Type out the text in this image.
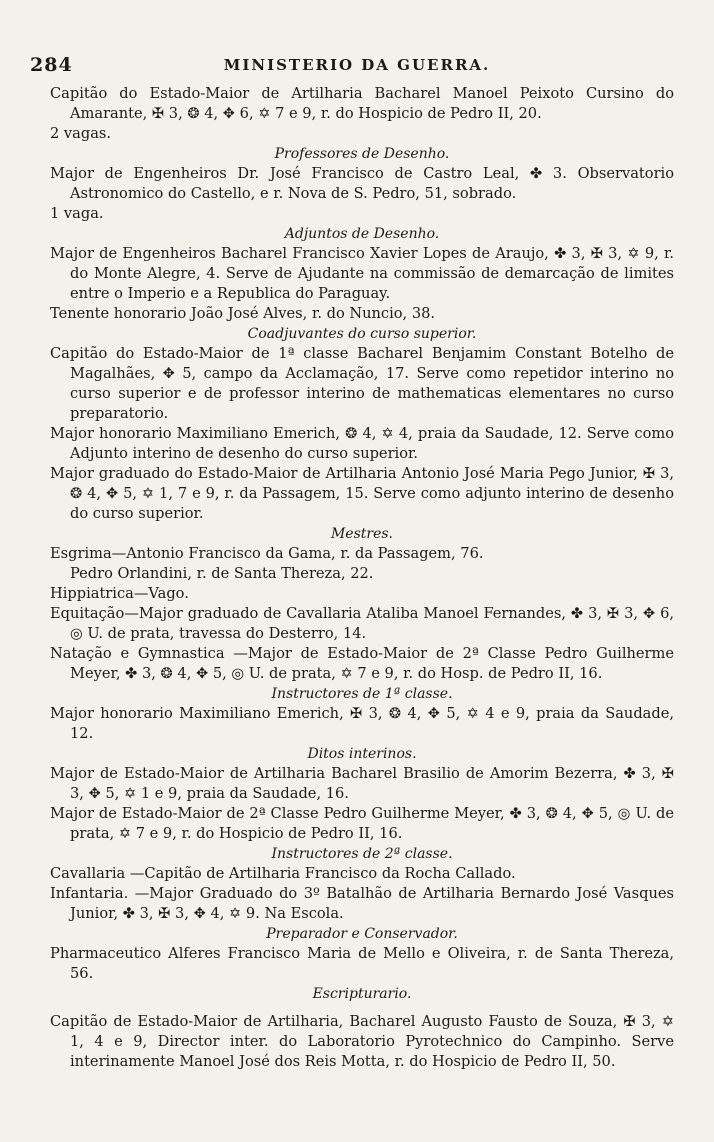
284	MINISTERIO DA GUERRA.

Capitão do Estado-Maior de Artilharia Bacharel Manoel Peixoto Cursino do Amarante, ✠ 3, ❂ 4, ✥ 6, ✡ 7 e 9, r. do Hospicio de Pedro II, 20.

2 vagas.

Professores de Desenho.

Major de Engenheiros Dr. José Francisco de Castro Leal, ✤ 3. Observatorio Astronomico do Castello, e r. Nova de S. Pedro, 51, sobrado.

1 vaga.

Adjuntos de Desenho.

Major de Engenheiros Bacharel Francisco Xavier Lopes de Araujo, ✤ 3, ✠ 3, ✡ 9, r. do Monte Alegre, 4. Serve de Ajudante na commissão de demarcação de limites entre o Imperio e a Republica do Paraguay.

Tenente honorario João José Alves, r. do Nuncio, 38.

Coadjuvantes do curso superior.

Capitão do Estado-Maior de 1ª classe Bacharel Benjamim Constant Botelho de Magalhães, ✥ 5, campo da Acclamação, 17. Serve como repetidor interino no curso superior e de professor interino de mathematicas elementares no curso preparatorio.

Major honorario Maximiliano Emerich, ❂ 4, ✡ 4, praia da Saudade, 12. Serve como Adjunto interino de desenho do curso superior.

Major graduado do Estado-Maior de Artilharia Antonio José Maria Pego Junior, ✠ 3, ❂ 4, ✥ 5, ✡ 1, 7 e 9, r. da Passagem, 15. Serve como adjunto interino de desenho do curso superior.

Mestres.

Esgrima—Antonio Francisco da Gama, r. da Passagem, 76.

Pedro Orlandini, r. de Santa Thereza, 22.

Hippiatrica—Vago.

Equitação—Major graduado de Cavallaria Ataliba Manoel Fernandes, ✤ 3, ✠ 3, ✥ 6, ◎ U. de prata, travessa do Desterro, 14.

Natação e Gymnastica —Major de Estado-Maior de 2ª Classe Pedro Guilherme Meyer, ✤ 3, ❂ 4, ✥ 5, ◎ U. de prata, ✡ 7 e 9, r. do Hosp. de Pedro II, 16.

Instructores de 1ª classe.

Major honorario Maximiliano Emerich, ✠ 3, ❂ 4, ✥ 5, ✡ 4 e 9, praia da Saudade, 12.

Ditos interinos.

Major de Estado-Maior de Artilharia Bacharel Brasilio de Amorim Bezerra, ✤ 3, ✠ 3, ✥ 5, ✡ 1 e 9, praia da Saudade, 16.

Major de Estado-Maior de 2ª Classe Pedro Guilherme Meyer, ✤ 3, ❂ 4, ✥ 5, ◎ U. de prata, ✡ 7 e 9, r. do Hospicio de Pedro II, 16.

Instructores de 2ª classe.

Cavallaria —Capitão de Artilharia Francisco da Rocha Callado.

Infantaria. —Major Graduado do 3º Batalhão de Artilharia Bernardo José Vasques Junior, ✤ 3, ✠ 3, ✥ 4, ✡ 9. Na Escola.

Preparador e Conservador.

Pharmaceutico Alferes Francisco Maria de Mello e Oliveira, r. de Santa Thereza, 56.

Escripturario.

Capitão de Estado-Maior de Artilharia, Bacharel Augusto Fausto de Souza, ✠ 3, ✡ 1, 4 e 9, Director inter. do Laboratorio Pyrotechnico do Campinho. Serve interinamente Manoel José dos Reis Motta, r. do Hospicio de Pedro II, 50.
